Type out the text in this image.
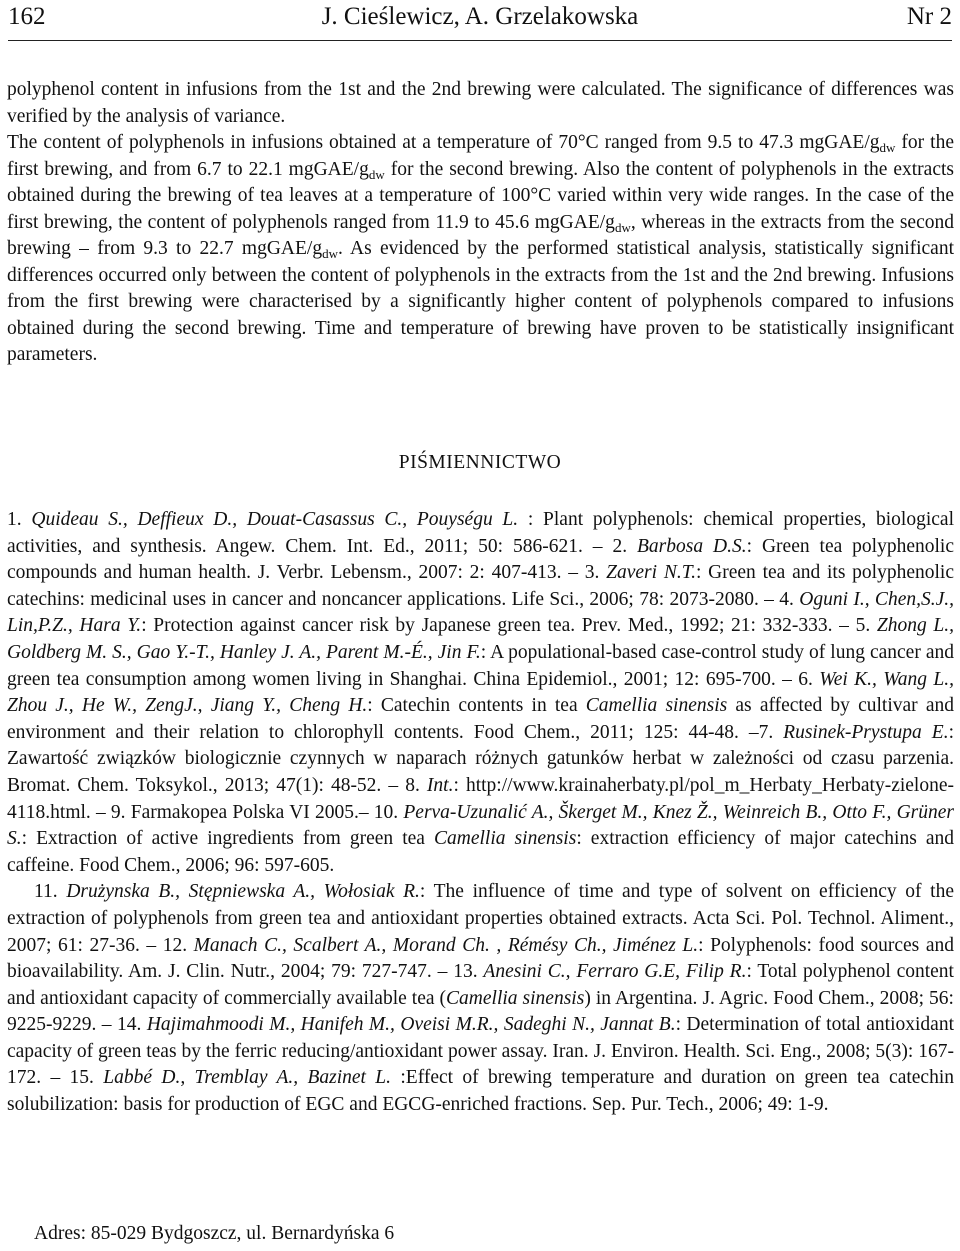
162	J. Cieślewicz, A. Grzelakowska	Nr 2

polyphenol content in infusions from the 1st and the 2nd brewing were calculated. The significance of differences was verified by the analysis of variance.

The content of polyphenols in infusions obtained at a temperature of 70°C ranged from 9.5 to 47.3 mgGAE/$g_{dw}$ for the first brewing, and from 6.7 to 22.1 mgGAE/$g_{dw}$ for the second brewing. Also the content of polyphenols in the extracts obtained during the brewing of tea leaves at a temperature of 100°C varied within very wide ranges. In the case of the first brewing, the content of polyphenols ranged from 11.9 to 45.6 mgGAE/$g_{dw}$, whereas in the extracts from the second brewing – from 9.3 to 22.7 mgGAE/$g_{dw}$. As evidenced by the performed statistical analysis, statistically significant differences occurred only between the content of polyphenols in the extracts from the 1st and the 2nd brewing. Infusions from the first brewing were characterised by a significantly higher content of polyphenols compared to infusions obtained during the second brewing. Time and temperature of brewing have proven to be statistically insignificant parameters.

PIŚMIENNICTWO

1. Quideau S., Deffieux D., Douat-Casassus C., Pouységu L. : Plant polyphenols: chemical properties, biological activities, and synthesis. Angew. Chem. Int. Ed., 2011; 50: 586-621. – 2. Barbosa D.S.: Green tea polyphenolic compounds and human health. J. Verbr. Lebensm., 2007: 2: 407-413. – 3. Zaveri N.T.: Green tea and its polyphenolic catechins: medicinal uses in cancer and noncancer applications. Life Sci., 2006; 78: 2073-2080. – 4. Oguni I., Chen,S.J., Lin,P.Z., Hara Y.: Protection against cancer risk by Japanese green tea. Prev. Med., 1992; 21: 332-333. – 5. Zhong L., Goldberg M. S., Gao Y.-T., Hanley J. A., Parent M.-É., Jin F.: A populational-based case-control study of lung cancer and green tea consumption among women living in Shanghai. China Epidemiol., 2001; 12: 695-700. – 6. Wei K., Wang L., Zhou J., He W., ZengJ., Jiang Y., Cheng H.: Catechin contents in tea Camellia sinensis as affected by cultivar and environment and their relation to chlorophyll contents. Food Chem., 2011; 125: 44-48. –7. Rusinek-Prystupa E.: Zawartość związków biologicznie czynnych w naparach różnych gatunków herbat w zależności od czasu parzenia. Bromat. Chem. Toksykol., 2013; 47(1): 48-52. – 8. Int.: http://www.krainaherbaty.pl/pol_m_Herbaty_Herbaty-zielone-4118.html. – 9. Farmakopea Polska VI 2005.– 10. Perva-Uzunalić A., Škerget M., Knez Ž., Weinreich B., Otto F., Grüner S.: Extraction of active ingredients from green tea Camellia sinensis: extraction efficiency of major catechins and caffeine. Food Chem., 2006; 96: 597-605.

11. Drużynska B., Stępniewska A., Wołosiak R.: The influence of time and type of solvent on efficiency of the extraction of polyphenols from green tea and antioxidant properties obtained extracts. Acta Sci. Pol. Technol. Aliment., 2007; 61: 27-36. – 12. Manach C., Scalbert A., Morand Ch. , Rémésy Ch., Jiménez L.: Polyphenols: food sources and bioavailability. Am. J. Clin. Nutr., 2004; 79: 727-747. – 13. Anesini C., Ferraro G.E, Filip R.: Total polyphenol content and antioxidant capacity of commercially available tea (Camellia sinensis) in Argentina. J. Agric. Food Chem., 2008; 56: 9225-9229. – 14. Hajimahmoodi M., Hanifeh M., Oveisi M.R., Sadeghi N., Jannat B.: Determination of total antioxidant capacity of green teas by the ferric reducing/antioxidant power assay. Iran. J. Environ. Health. Sci. Eng., 2008; 5(3): 167-172. – 15. Labbé D., Tremblay A., Bazinet L. :Effect of brewing temperature and duration on green tea catechin solubilization: basis for production of EGC and EGCG-enriched fractions. Sep. Pur. Tech., 2006; 49: 1-9.

Adres: 85-029 Bydgoszcz, ul. Bernardyńska 6
